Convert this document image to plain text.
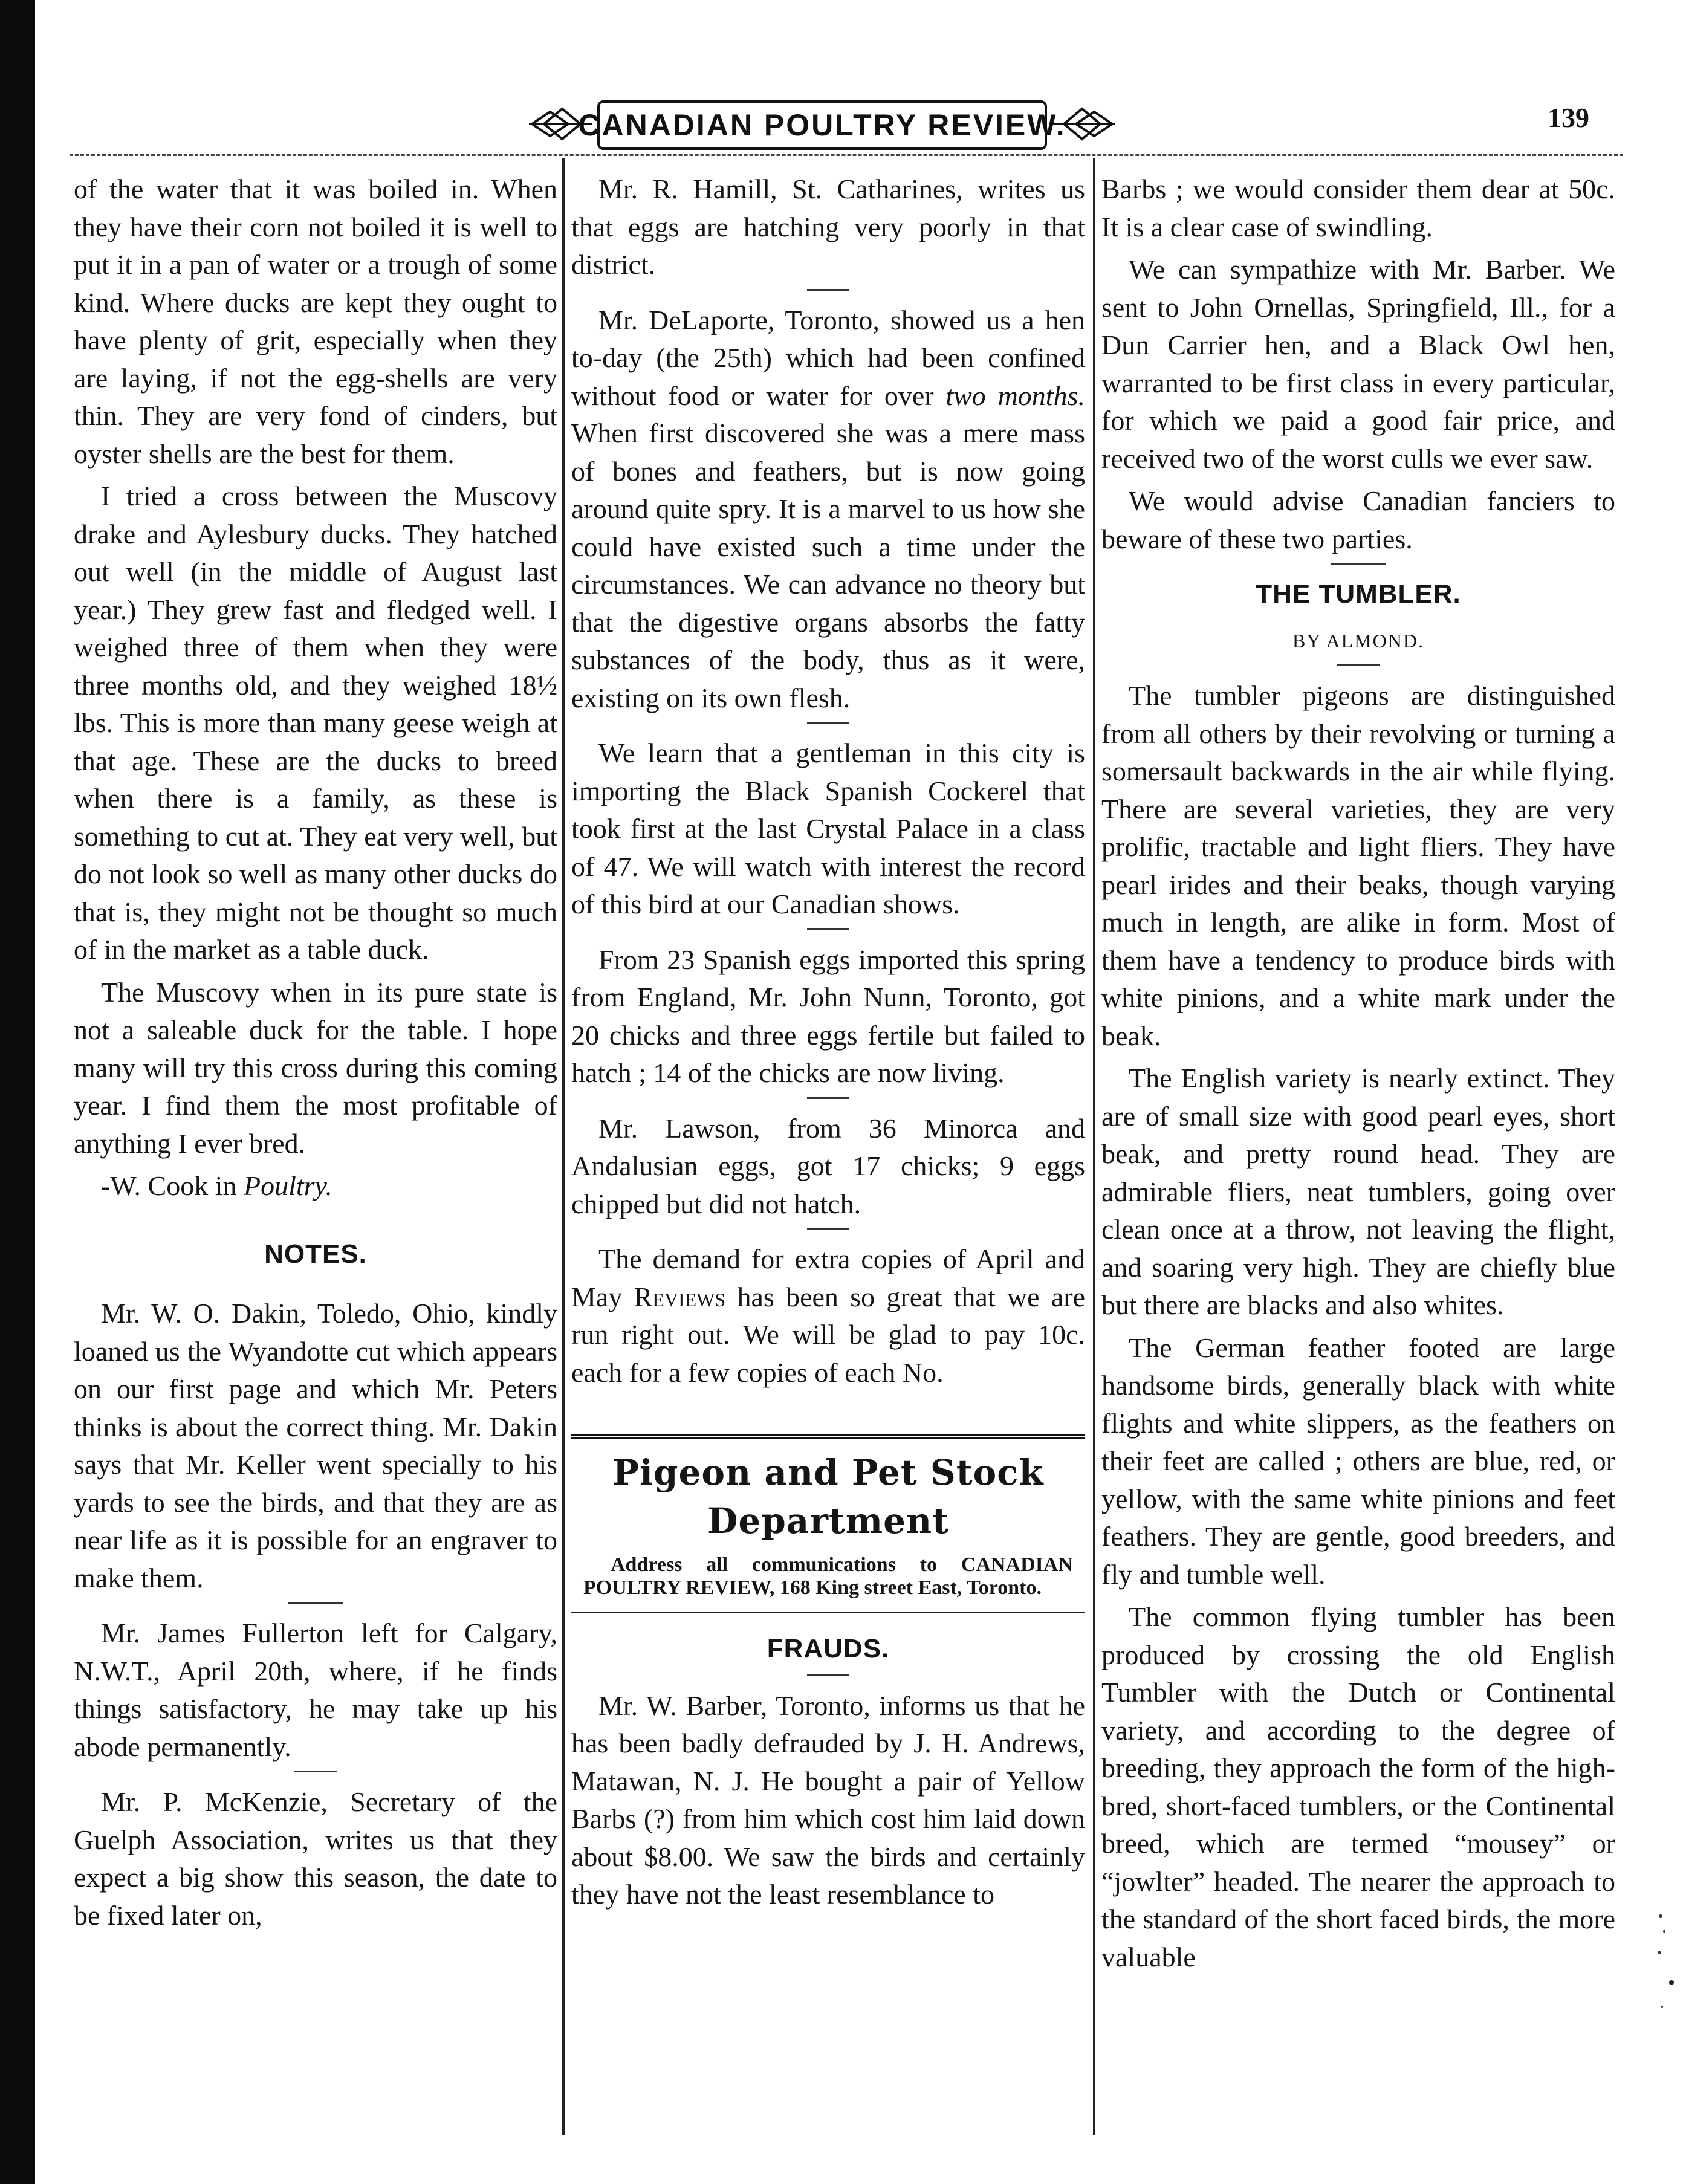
CANADIAN POULTRY REVIEW.	139

of the water that it was boiled in. When they have their corn not boiled it is well to put it in a pan of water or a trough of some kind. Where ducks are kept they ought to have plenty of grit, especially when they are laying, if not the egg-shells are very thin. They are very fond of cinders, but oyster shells are the best for them.

I tried a cross between the Muscovy drake and Aylesbury ducks. They hatched out well (in the middle of August last year.) They grew fast and fledged well. I weighed three of them when they were three months old, and they weighed 18½ lbs. This is more than many geese weigh at that age. These are the ducks to breed when there is a family, as these is something to cut at. They eat very well, but do not look so well as many other ducks do that is, they might not be thought so much of in the market as a table duck.

The Muscovy when in its pure state is not a saleable duck for the table. I hope many will try this cross during this coming year. I find them the most profitable of anything I ever bred.

-W. Cook in Poultry.

NOTES.

Mr. W. O. Dakin, Toledo, Ohio, kindly loaned us the Wyandotte cut which appears on our first page and which Mr. Peters thinks is about the correct thing. Mr. Dakin says that Mr. Keller went specially to his yards to see the birds, and that they are as near life as it is possible for an engraver to make them.

Mr. James Fullerton left for Calgary, N.W.T., April 20th, where, if he finds things satisfactory, he may take up his abode permanently.

Mr. P. McKenzie, Secretary of the Guelph Association, writes us that they expect a big show this season, the date to be fixed later on,

Mr. R. Hamill, St. Catharines, writes us that eggs are hatching very poorly in that district.

Mr. DeLaporte, Toronto, showed us a hen to-day (the 25th) which had been confined without food or water for over two months. When first discovered she was a mere mass of bones and feathers, but is now going around quite spry. It is a marvel to us how she could have existed such a time under the circumstances. We can advance no theory but that the digestive organs absorbs the fatty substances of the body, thus as it were, existing on its own flesh.

We learn that a gentleman in this city is importing the Black Spanish Cockerel that took first at the last Crystal Palace in a class of 47. We will watch with interest the record of this bird at our Canadian shows.

From 23 Spanish eggs imported this spring from England, Mr. John Nunn, Toronto, got 20 chicks and three eggs fertile but failed to hatch ; 14 of the chicks are now living.

Mr. Lawson, from 36 Minorca and Andalusian eggs, got 17 chicks; 9 eggs chipped but did not hatch.

The demand for extra copies of April and May Reviews has been so great that we are run right out. We will be glad to pay 10c. each for a few copies of each No.

Pigeon and Pet Stock Department

Address all communications to CANADIAN POULTRY REVIEW, 168 King street East, Toronto.

FRAUDS.

Mr. W. Barber, Toronto, informs us that he has been badly defrauded by J. H. Andrews, Matawan, N. J. He bought a pair of Yellow Barbs (?) from him which cost him laid down about $8.00. We saw the birds and certainly they have not the least resemblance to

Barbs ; we would consider them dear at 50c. It is a clear case of swindling.

We can sympathize with Mr. Barber. We sent to John Ornellas, Springfield, Ill., for a Dun Carrier hen, and a Black Owl hen, warranted to be first class in every particular, for which we paid a good fair price, and received two of the worst culls we ever saw.

We would advise Canadian fanciers to beware of these two parties.

THE TUMBLER.
BY ALMOND.

The tumbler pigeons are distinguished from all others by their revolving or turning a somersault backwards in the air while flying. There are several varieties, they are very prolific, tractable and light fliers. They have pearl irides and their beaks, though varying much in length, are alike in form. Most of them have a tendency to produce birds with white pinions, and a white mark under the beak.

The English variety is nearly extinct. They are of small size with good pearl eyes, short beak, and pretty round head. They are admirable fliers, neat tumblers, going over clean once at a throw, not leaving the flight, and soaring very high. They are chiefly blue but there are blacks and also whites.

The German feather footed are large handsome birds, generally black with white flights and white slippers, as the feathers on their feet are called ; others are blue, red, or yellow, with the same white pinions and feet feathers. They are gentle, good breeders, and fly and tumble well.

The common flying tumbler has been produced by crossing the old English Tumbler with the Dutch or Continental variety, and according to the degree of breeding, they approach the form of the high-bred, short-faced tumblers, or the Continental breed, which are termed “mousey” or “jowlter” headed. The nearer the approach to the standard of the short faced birds, the more valuable
